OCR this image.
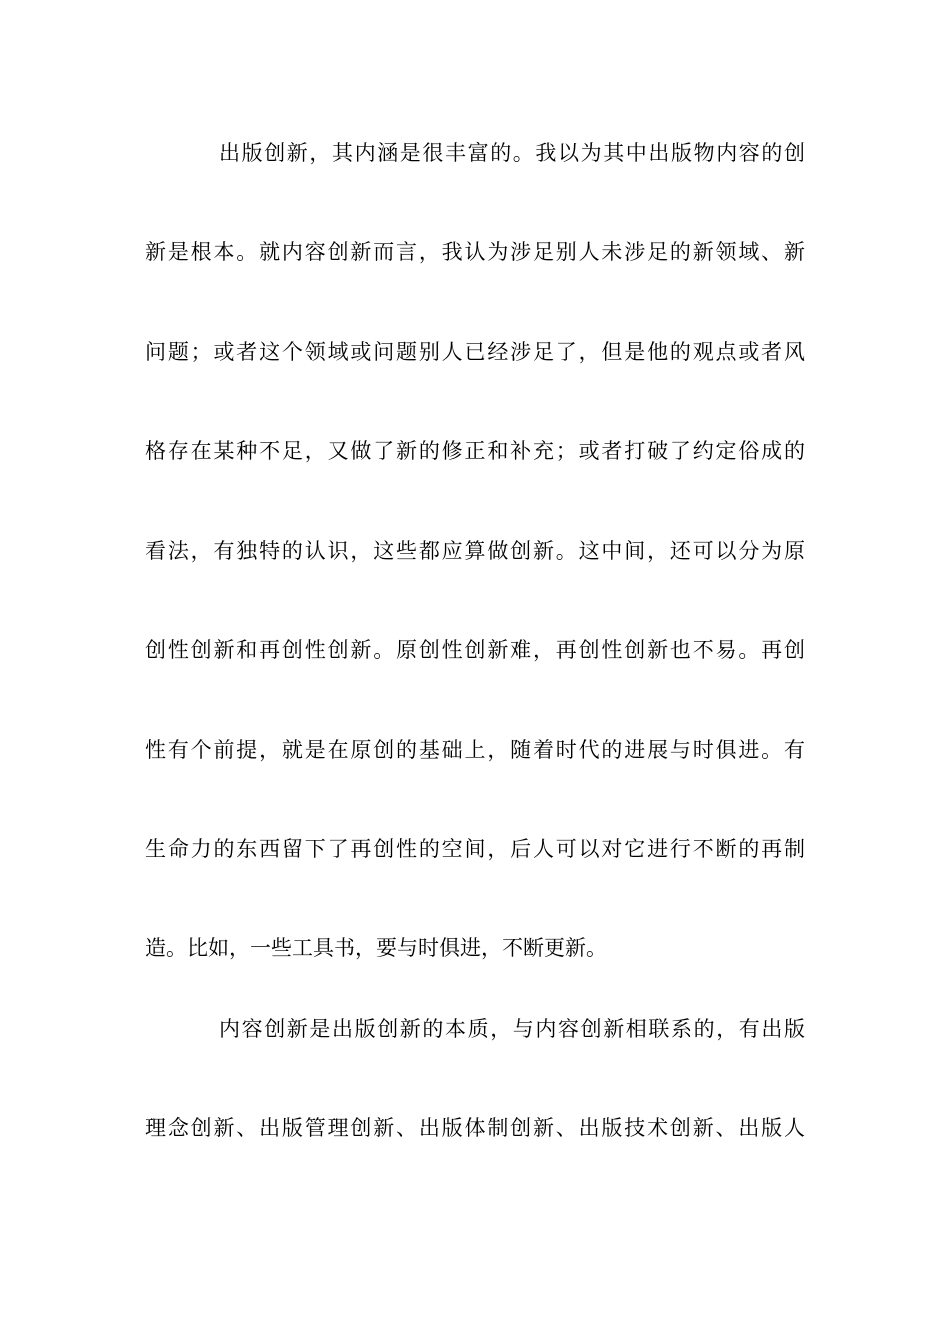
出版创新，其内涵是很丰富的。我以为其中出版物内容的创
新是根本。就内容创新而言，我认为涉足别人未涉足的新领域、新
问题；或者这个领域或问题别人已经涉足了，但是他的观点或者风
格存在某种不足，又做了新的修正和补充；或者打破了约定俗成的
看法，有独特的认识，这些都应算做创新。这中间，还可以分为原
创性创新和再创性创新。原创性创新难，再创性创新也不易。再创
性有个前提，就是在原创的基础上，随着时代的进展与时俱进。有
生命力的东西留下了再创性的空间，后人可以对它进行不断的再制
造。比如，一些工具书，要与时俱进，不断更新。
内容创新是出版创新的本质，与内容创新相联系的，有出版
理念创新、出版管理创新、出版体制创新、出版技术创新、出版人
